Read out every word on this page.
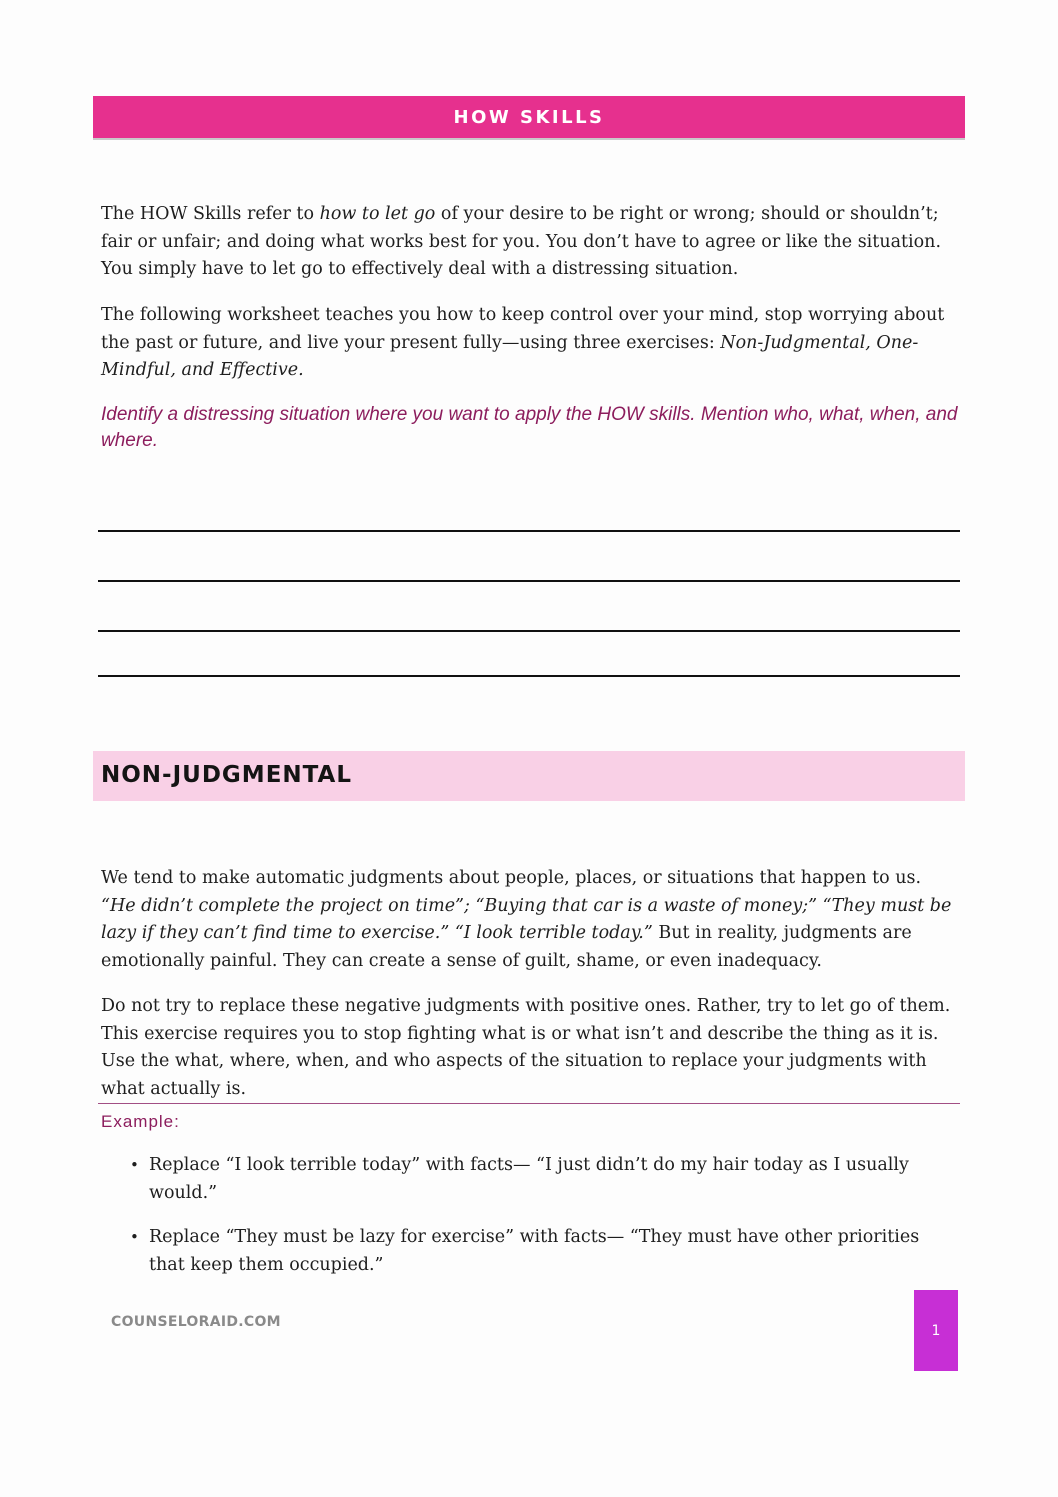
HOW SKILLS

The HOW Skills refer to how to let go of your desire to be right or wrong; should or shouldn’t; fair or unfair; and doing what works best for you. You don’t have to agree or like the situation. You simply have to let go to effectively deal with a distressing situation.

The following worksheet teaches you how to keep control over your mind, stop worrying about the past or future, and live your present fully—using three exercises: Non-Judgmental, One-Mindful, and Effective.

Identify a distressing situation where you want to apply the HOW skills. Mention who, what, when, and where.

NON-JUDGMENTAL

We tend to make automatic judgments about people, places, or situations that happen to us. “He didn’t complete the project on time”; “Buying that car is a waste of money;” “They must be lazy if they can’t find time to exercise.” “I look terrible today.” But in reality, judgments are emotionally painful. They can create a sense of guilt, shame, or even inadequacy.

Do not try to replace these negative judgments with positive ones. Rather, try to let go of them. This exercise requires you to stop fighting what is or what isn’t and describe the thing as it is. Use the what, where, when, and who aspects of the situation to replace your judgments with what actually is.

Example:
• Replace “I look terrible today” with facts— “I just didn’t do my hair today as I usually would.”
• Replace “They must be lazy for exercise” with facts— “They must have other priorities that keep them occupied.”
COUNSELORAID.COM
1
